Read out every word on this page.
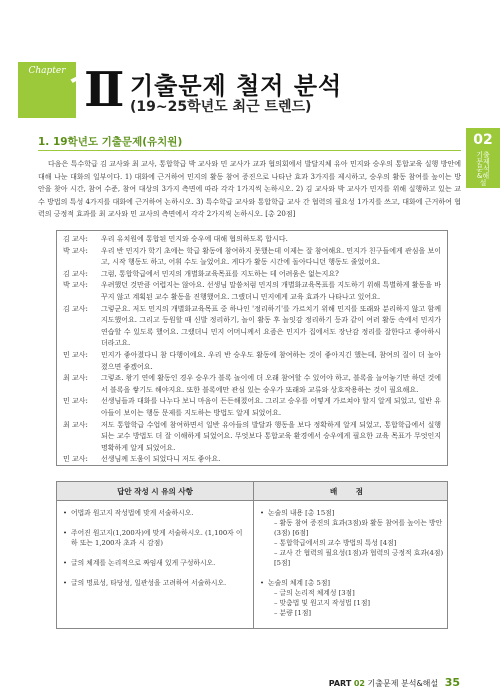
Chapter Ⅱ 기출문제 철저 분석
(19~25학년도 최근 트렌드)
02
기출문제 분석&해설
1. 19학년도 기출문제(유치원)

다음은 특수학급 김 교사와 최 교사, 통합학급 박 교사와 민 교사가 교과 협의회에서 발달지체 유아 민지와 승우의 통합교육 실행 방안에 대해 나눈 대화의 일부이다. 1) 대화에 근거하여 민지의 활동 참여 증진으로 나타난 효과 3가지를 제시하고, 승우의 활동 참여를 높이는 방안을 찾아 시간, 참여 수준, 참여 대상의 3가지 측면에 따라 각각 1가지씩 논하시오. 2) 김 교사와 박 교사가 민지를 위해 실행하고 있는 교수 방법의 특성 4가지를 대화에 근거하여 논하시오. 3) 특수학급 교사와 통합학급 교사 간 협력의 필요성 1가지를 쓰고, 대화에 근거하여 협력의 긍정적 효과를 최 교사와 민 교사의 측면에서 각각 2가지씩 논하시오. [총 20점]

김 교사:	우리 유치원에 통합된 민지와 승우에 대해 협의하도록 합시다.
박 교사:	우리 반 민지가 학기 초에는 학급 활동에 참여하지 못했는데 이제는 잘 참여해요. 민지가 친구들에게 관심을 보이고, 시작 행동도 하고, 어휘 수도 늘었어요. 게다가 활동 시간에 돌아다니던 행동도 줄었어요.
김 교사:	그럼, 통합학급에서 민지의 개별화교육목표를 지도하는 데 어려움은 없는지요?
박 교사:	우려했던 것만큼 어렵지는 않아요. 선생님 말씀처럼 민지의 개별화교육목표를 지도하기 위해 특별하게 활동을 바꾸지 않고 계획된 교수 활동을 진행했어요. 그랬더니 민지에게 교육 효과가 나타나고 있어요.
김 교사:	그렇군요. 저도 민지의 개별화교육목표 중 하나인 '정리하기'를 가르치기 위해 민지를 또래와 분리하지 않고 함께 지도했어요. 그리고 등원할 때 신발 정리하기, 놀이 활동 후 놀잇감 정리하기 등과 같이 여러 활동 속에서 민지가 연습할 수 있도록 했어요. 그랬더니 민지 어머니께서 요즘은 민지가 집에서도 장난감 정리를 잘한다고 좋아하시더라고요.
민 교사:	민지가 좋아졌다니 참 다행이에요. 우리 반 승우도 활동에 참여하는 것이 좋아지긴 했는데, 참여의 질이 더 높아졌으면 좋겠어요.
최 교사:	그렇죠. 왕기 연에 활동인 경우 승우가 블록 놀이에 더 오래 참여할 수 있어야 하고, 블록을 늘어놓기만 하던 것에서 블록을 쌓기도 해야지요. 또한 블록에만 관심 있는 승우가 또래와 교류와 상호작용하는 것이 필요해요.
민 교사:	선생님들과 대화를 나누다 보니 마음이 든든해졌어요. 그리고 승우를 어떻게 가르쳐야 할지 알게 되었고, 일반 유아들이 보이는 행동 문제를 지도하는 방법도 알게 되었어요.
최 교사:	저도 통합학급 수업에 참여하면서 일반 유아들의 발달과 행동을 보다 정확하게 알게 되었고, 통합학급에서 실행되는 교수 방법도 더 잘 이해하게 되었어요. 무엇보다 통합교육 환경에서 승우에게 필요한 교육 목표가 무엇인지 명확하게 알게 되었어요.
민 교사:	선생님께 도움이 되었다니 저도 좋아요.
답안 작성 시 유의 사항	배 점
• 어법과 원고지 작성법에 맞게 서술하시오.
• 주어진 원고지(1,200자)에 맞게 서술하시오. (1,100자 이하 또는 1,200자 초과 시 감점)
• 글의 체계를 논리적으로 짜임새 있게 구성하시오.
• 글의 명료성, 타당성, 일관성을 고려하여 서술하시오.
• 논술의 내용 [총 15점]
– 활동 참여 증진의 효과(3점)와 활동 참여를 높이는 방안(3점) [6점]
– 통합학급에서의 교수 방법의 특성 [4점]
– 교사 간 협력의 필요성(1점)과 협력의 긍정적 효과(4점) [5점]
• 논술의 체계 [총 5점]
– 글의 논리적 체계성 [3점]
– 맞춤법 및 원고지 작성법 [1점]
– 분량 [1점]
PART 02 기출문제 분석&해설 35
